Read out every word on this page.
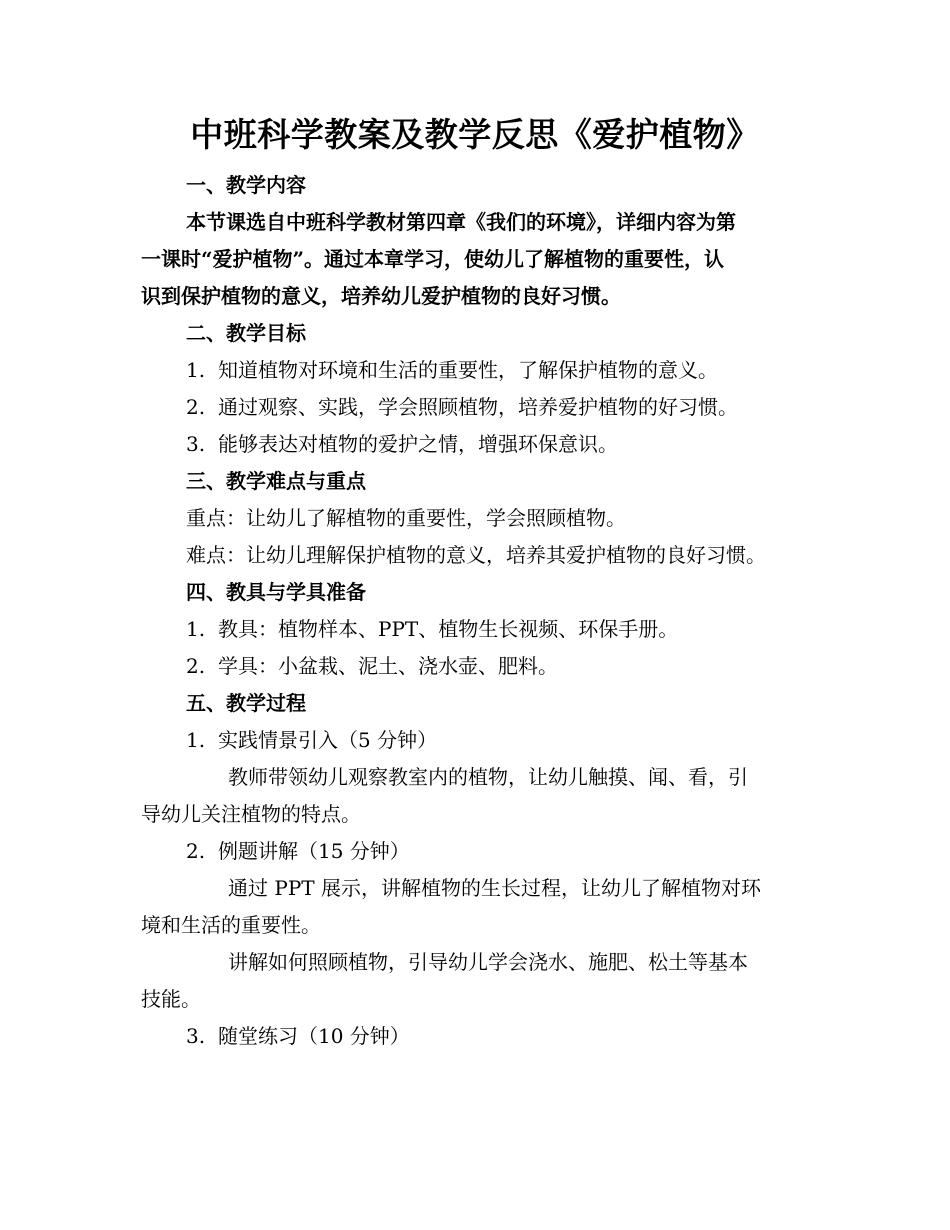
中班科学教案及教学反思《爱护植物》
一、教学内容
本节课选自中班科学教材第四章《我们的环境》，详细内容为第
一课时“爱护植物”。通过本章学习，使幼儿了解植物的重要性，认
识到保护植物的意义，培养幼儿爱护植物的良好习惯。
二、教学目标
1. 知道植物对环境和生活的重要性，了解保护植物的意义。
2. 通过观察、实践，学会照顾植物，培养爱护植物的好习惯。
3. 能够表达对植物的爱护之情，增强环保意识。
三、教学难点与重点
重点：让幼儿了解植物的重要性，学会照顾植物。
难点：让幼儿理解保护植物的意义，培养其爱护植物的良好习惯。
四、教具与学具准备
1. 教具：植物样本、PPT、植物生长视频、环保手册。
2. 学具：小盆栽、泥土、浇水壶、肥料。
五、教学过程
1. 实践情景引入（5 分钟）
教师带领幼儿观察教室内的植物，让幼儿触摸、闻、看，引
导幼儿关注植物的特点。
2. 例题讲解（15 分钟）
通过 PPT 展示，讲解植物的生长过程，让幼儿了解植物对环
境和生活的重要性。
讲解如何照顾植物，引导幼儿学会浇水、施肥、松土等基本
技能。
3. 随堂练习（10 分钟）
